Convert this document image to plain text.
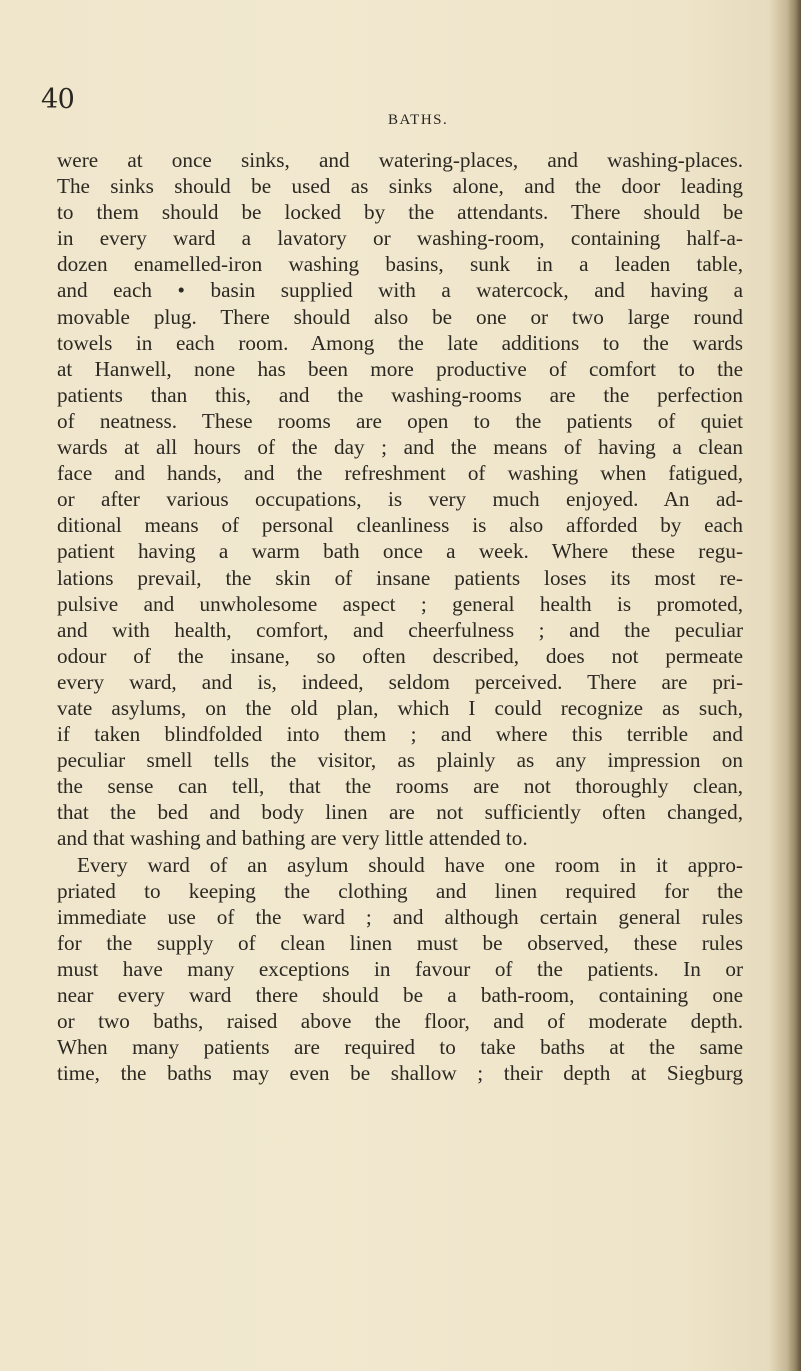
40
BATHS.
were at once sinks, and watering-places, and washing-places.
The sinks should be used as sinks alone, and the door leading
to them should be locked by the attendants. There should be
in every ward a lavatory or washing-room, containing half-a-
dozen enamelled-iron washing basins, sunk in a leaden table,
and each • basin supplied with a watercock, and having a
movable plug. There should also be one or two large round
towels in each room. Among the late additions to the wards
at Hanwell, none has been more productive of comfort to the
patients than this, and the washing-rooms are the perfection
of neatness. These rooms are open to the patients of quiet
wards at all hours of the day ; and the means of having a clean
face and hands, and the refreshment of washing when fatigued,
or after various occupations, is very much enjoyed. An ad-
ditional means of personal cleanliness is also afforded by each
patient having a warm bath once a week. Where these regu-
lations prevail, the skin of insane patients loses its most re-
pulsive and unwholesome aspect ; general health is promoted,
and with health, comfort, and cheerfulness ; and the peculiar
odour of the insane, so often described, does not permeate
every ward, and is, indeed, seldom perceived. There are pri-
vate asylums, on the old plan, which I could recognize as such,
if taken blindfolded into them ; and where this terrible and
peculiar smell tells the visitor, as plainly as any impression on
the sense can tell, that the rooms are not thoroughly clean,
that the bed and body linen are not sufficiently often changed,
and that washing and bathing are very little attended to.
Every ward of an asylum should have one room in it appro-
priated to keeping the clothing and linen required for the
immediate use of the ward ; and although certain general rules
for the supply of clean linen must be observed, these rules
must have many exceptions in favour of the patients. In or
near every ward there should be a bath-room, containing one
or two baths, raised above the floor, and of moderate depth.
When many patients are required to take baths at the same
time, the baths may even be shallow ; their depth at Siegburg
